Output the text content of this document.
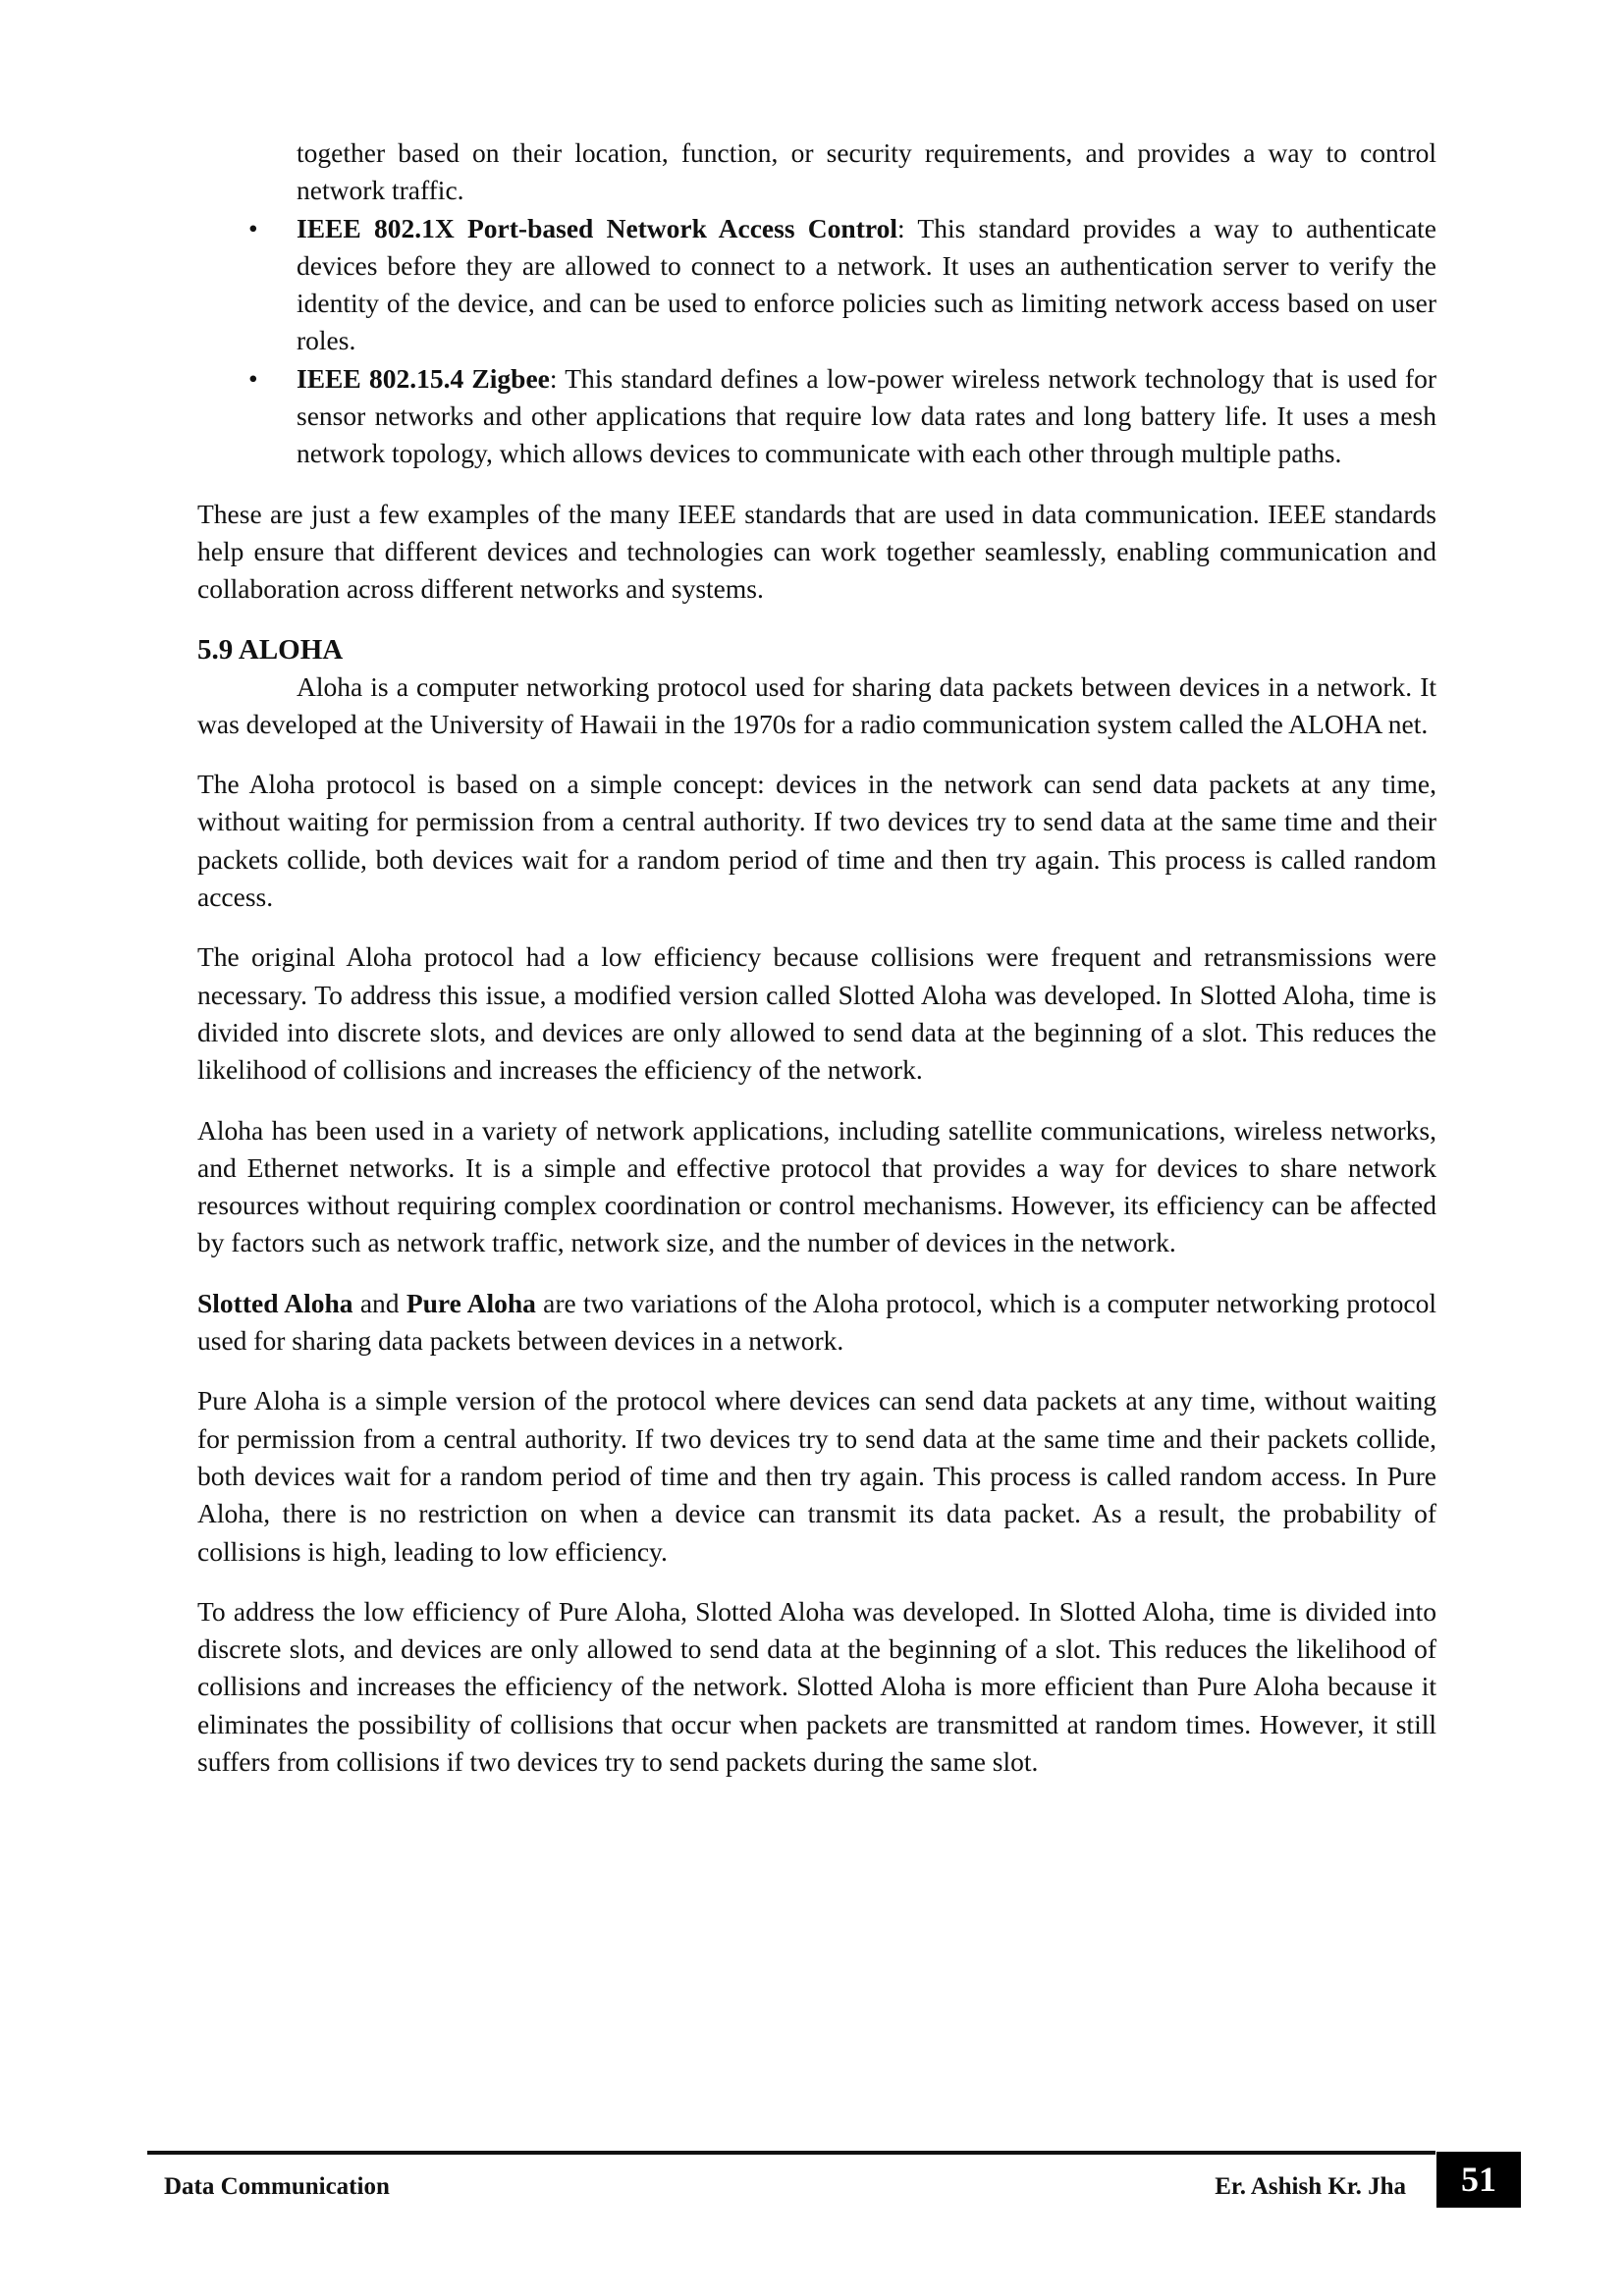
together based on their location, function, or security requirements, and provides a way to control network traffic.

• IEEE 802.1X Port-based Network Access Control: This standard provides a way to authenticate devices before they are allowed to connect to a network. It uses an authentication server to verify the identity of the device, and can be used to enforce policies such as limiting network access based on user roles.
• IEEE 802.15.4 Zigbee: This standard defines a low-power wireless network technology that is used for sensor networks and other applications that require low data rates and long battery life. It uses a mesh network topology, which allows devices to communicate with each other through multiple paths.

These are just a few examples of the many IEEE standards that are used in data communication. IEEE standards help ensure that different devices and technologies can work together seamlessly, enabling communication and collaboration across different networks and systems.

5.9 ALOHA

Aloha is a computer networking protocol used for sharing data packets between devices in a network. It was developed at the University of Hawaii in the 1970s for a radio communication system called the ALOHA net.

The Aloha protocol is based on a simple concept: devices in the network can send data packets at any time, without waiting for permission from a central authority. If two devices try to send data at the same time and their packets collide, both devices wait for a random period of time and then try again. This process is called random access.

The original Aloha protocol had a low efficiency because collisions were frequent and retransmissions were necessary. To address this issue, a modified version called Slotted Aloha was developed. In Slotted Aloha, time is divided into discrete slots, and devices are only allowed to send data at the beginning of a slot. This reduces the likelihood of collisions and increases the efficiency of the network.

Aloha has been used in a variety of network applications, including satellite communications, wireless networks, and Ethernet networks. It is a simple and effective protocol that provides a way for devices to share network resources without requiring complex coordination or control mechanisms. However, its efficiency can be affected by factors such as network traffic, network size, and the number of devices in the network.

Slotted Aloha and Pure Aloha are two variations of the Aloha protocol, which is a computer networking protocol used for sharing data packets between devices in a network.

Pure Aloha is a simple version of the protocol where devices can send data packets at any time, without waiting for permission from a central authority. If two devices try to send data at the same time and their packets collide, both devices wait for a random period of time and then try again. This process is called random access. In Pure Aloha, there is no restriction on when a device can transmit its data packet. As a result, the probability of collisions is high, leading to low efficiency.

To address the low efficiency of Pure Aloha, Slotted Aloha was developed. In Slotted Aloha, time is divided into discrete slots, and devices are only allowed to send data at the beginning of a slot. This reduces the likelihood of collisions and increases the efficiency of the network. Slotted Aloha is more efficient than Pure Aloha because it eliminates the possibility of collisions that occur when packets are transmitted at random times. However, it still suffers from collisions if two devices try to send packets during the same slot.

Data Communication	Er. Ashish Kr. Jha	51
